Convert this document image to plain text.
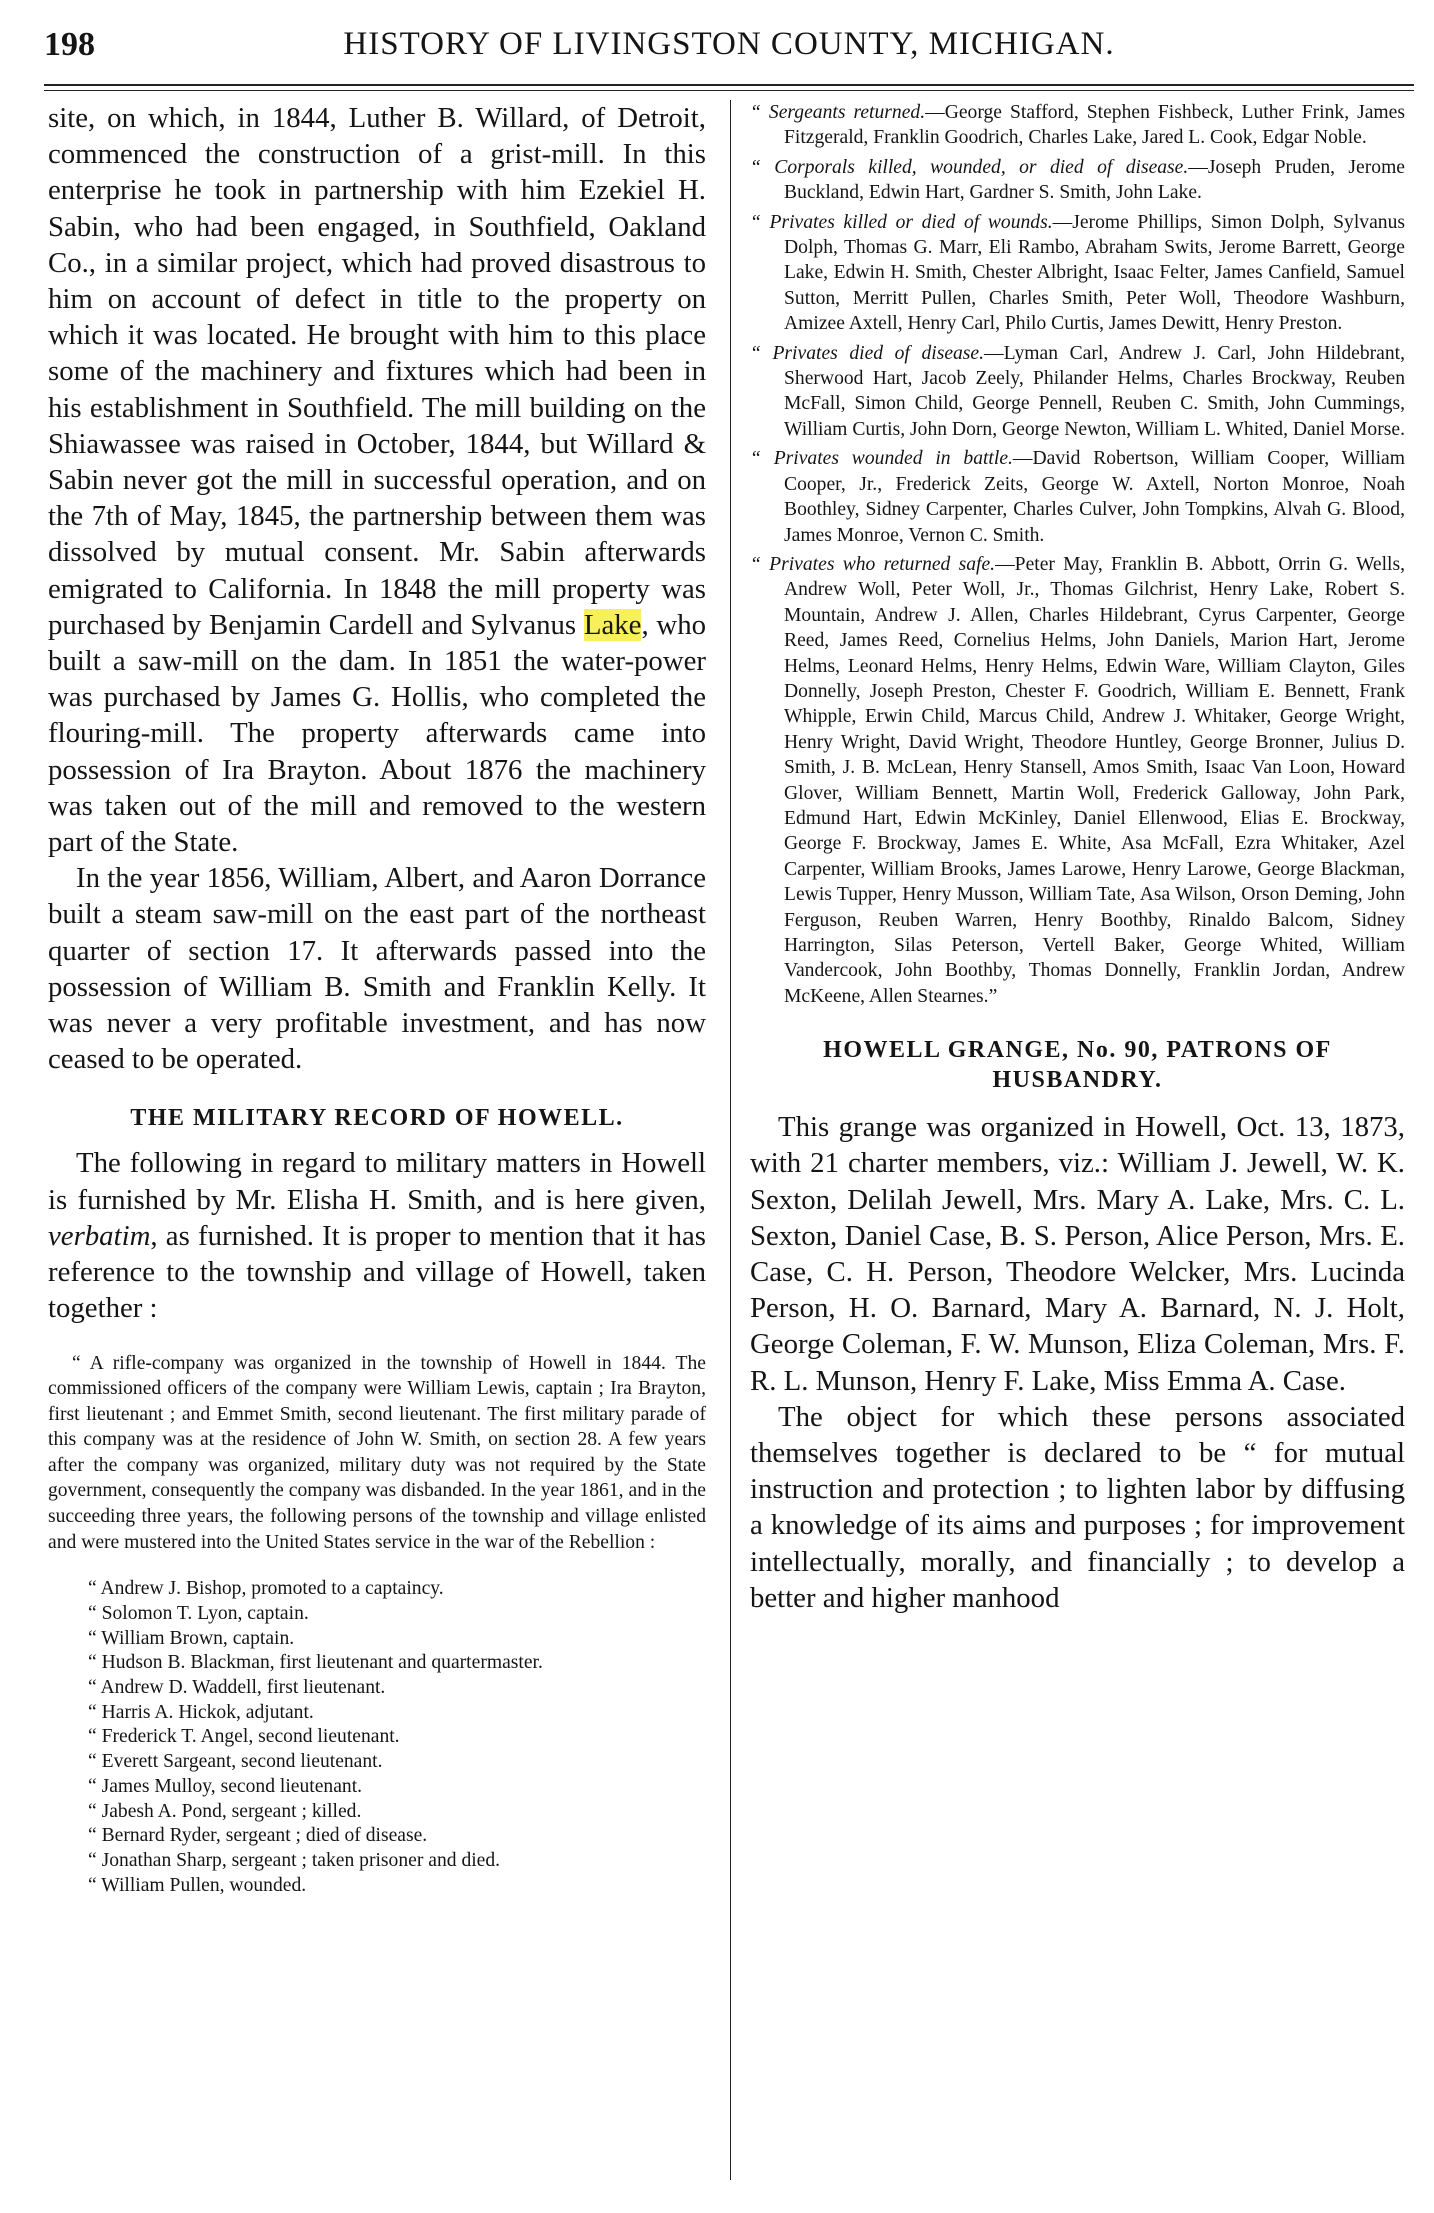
198	HISTORY OF LIVINGSTON COUNTY, MICHIGAN.

site, on which, in 1844, Luther B. Willard, of Detroit, commenced the construction of a grist-mill. In this enterprise he took in partnership with him Ezekiel H. Sabin, who had been engaged, in Southfield, Oakland Co., in a similar project, which had proved disastrous to him on account of defect in title to the property on which it was located. He brought with him to this place some of the machinery and fixtures which had been in his establishment in Southfield. The mill building on the Shiawassee was raised in October, 1844, but Willard & Sabin never got the mill in successful operation, and on the 7th of May, 1845, the partnership between them was dissolved by mutual consent. Mr. Sabin afterwards emigrated to California. In 1848 the mill property was purchased by Benjamin Cardell and Sylvanus Lake, who built a saw-mill on the dam. In 1851 the water-power was purchased by James G. Hollis, who completed the flouring-mill. The property afterwards came into possession of Ira Brayton. About 1876 the machinery was taken out of the mill and removed to the western part of the State.

In the year 1856, William, Albert, and Aaron Dorrance built a steam saw-mill on the east part of the northeast quarter of section 17. It afterwards passed into the possession of William B. Smith and Franklin Kelly. It was never a very profitable investment, and has now ceased to be operated.

THE MILITARY RECORD OF HOWELL.

The following in regard to military matters in Howell is furnished by Mr. Elisha H. Smith, and is here given, verbatim, as furnished. It is proper to mention that it has reference to the township and village of Howell, taken together :

“ A rifle-company was organized in the township of Howell in 1844. The commissioned officers of the company were William Lewis, captain ; Ira Brayton, first lieutenant ; and Emmet Smith, second lieutenant. The first military parade of this company was at the residence of John W. Smith, on section 28. A few years after the company was organized, military duty was not required by the State government, consequently the company was disbanded. In the year 1861, and in the succeeding three years, the following persons of the township and village enlisted and were mustered into the United States service in the war of the Rebellion :

“ Andrew J. Bishop, promoted to a captaincy.
“ Solomon T. Lyon, captain.
“ William Brown, captain.
“ Hudson B. Blackman, first lieutenant and quartermaster.
“ Andrew D. Waddell, first lieutenant.
“ Harris A. Hickok, adjutant.
“ Frederick T. Angel, second lieutenant.
“ Everett Sargeant, second lieutenant.
“ James Mulloy, second lieutenant.
“ Jabesh A. Pond, sergeant ; killed.
“ Bernard Ryder, sergeant ; died of disease.
“ Jonathan Sharp, sergeant ; taken prisoner and died.
“ William Pullen, wounded.
“ Sergeants returned.—George Stafford, Stephen Fishbeck, Luther Frink, James Fitzgerald, Franklin Goodrich, Charles Lake, Jared L. Cook, Edgar Noble.
“ Corporals killed, wounded, or died of disease.—Joseph Pruden, Jerome Buckland, Edwin Hart, Gardner S. Smith, John Lake.
“ Privates killed or died of wounds.—Jerome Phillips, Simon Dolph, Sylvanus Dolph, Thomas G. Marr, Eli Rambo, Abraham Swits, Jerome Barrett, George Lake, Edwin H. Smith, Chester Albright, Isaac Felter, James Canfield, Samuel Sutton, Merritt Pullen, Charles Smith, Peter Woll, Theodore Washburn, Amizee Axtell, Henry Carl, Philo Curtis, James Dewitt, Henry Preston.
“ Privates died of disease.—Lyman Carl, Andrew J. Carl, John Hildebrant, Sherwood Hart, Jacob Zeely, Philander Helms, Charles Brockway, Reuben McFall, Simon Child, George Pennell, Reuben C. Smith, John Cummings, William Curtis, John Dorn, George Newton, William L. Whited, Daniel Morse.
“ Privates wounded in battle.—David Robertson, William Cooper, William Cooper, Jr., Frederick Zeits, George W. Axtell, Norton Monroe, Noah Boothley, Sidney Carpenter, Charles Culver, John Tompkins, Alvah G. Blood, James Monroe, Vernon C. Smith.
“ Privates who returned safe.—Peter May, Franklin B. Abbott, Orrin G. Wells, Andrew Woll, Peter Woll, Jr., Thomas Gilchrist, Henry Lake, Robert S. Mountain, Andrew J. Allen, Charles Hildebrant, Cyrus Carpenter, George Reed, James Reed, Cornelius Helms, John Daniels, Marion Hart, Jerome Helms, Leonard Helms, Henry Helms, Edwin Ware, William Clayton, Giles Donnelly, Joseph Preston, Chester F. Goodrich, William E. Bennett, Frank Whipple, Erwin Child, Marcus Child, Andrew J. Whitaker, George Wright, Henry Wright, David Wright, Theodore Huntley, George Bronner, Julius D. Smith, J. B. McLean, Henry Stansell, Amos Smith, Isaac Van Loon, Howard Glover, William Bennett, Martin Woll, Frederick Galloway, John Park, Edmund Hart, Edwin McKinley, Daniel Ellenwood, Elias E. Brockway, George F. Brockway, James E. White, Asa McFall, Ezra Whitaker, Azel Carpenter, William Brooks, James Larowe, Henry Larowe, George Blackman, Lewis Tupper, Henry Musson, William Tate, Asa Wilson, Orson Deming, John Ferguson, Reuben Warren, Henry Boothby, Rinaldo Balcom, Sidney Harrington, Silas Peterson, Vertell Baker, George Whited, William Vandercook, John Boothby, Thomas Donnelly, Franklin Jordan, Andrew McKeene, Allen Stearnes.”
HOWELL GRANGE, No. 90, PATRONS OF HUSBANDRY.

This grange was organized in Howell, Oct. 13, 1873, with 21 charter members, viz.: William J. Jewell, W. K. Sexton, Delilah Jewell, Mrs. Mary A. Lake, Mrs. C. L. Sexton, Daniel Case, B. S. Person, Alice Person, Mrs. E. Case, C. H. Person, Theodore Welcker, Mrs. Lucinda Person, H. O. Barnard, Mary A. Barnard, N. J. Holt, George Coleman, F. W. Munson, Eliza Coleman, Mrs. F. R. L. Munson, Henry F. Lake, Miss Emma A. Case.

The object for which these persons associated themselves together is declared to be “ for mutual instruction and protection ; to lighten labor by diffusing a knowledge of its aims and purposes ; for improvement intellectually, morally, and financially ; to develop a better and higher manhood
